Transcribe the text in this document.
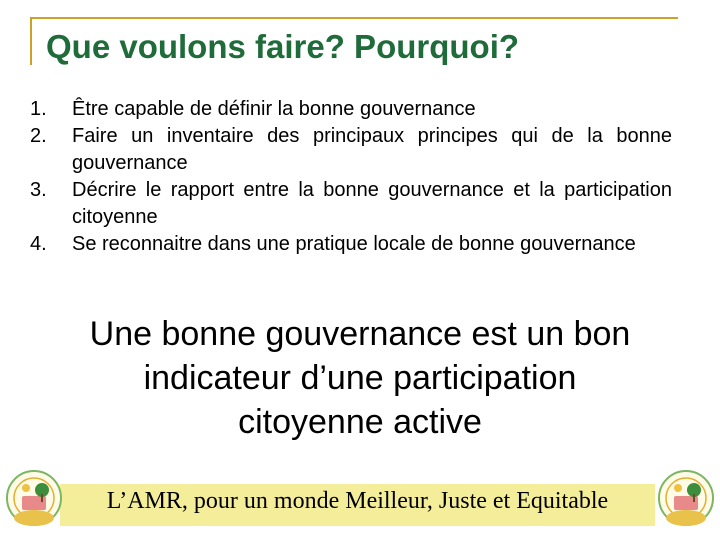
Que voulons faire? Pourquoi?
1. Être capable de définir la bonne gouvernance
2. Faire un inventaire des principaux principes qui de la bonne gouvernance
3. Décrire le rapport entre la bonne gouvernance et la participation citoyenne
4. Se reconnaitre dans une pratique locale de bonne gouvernance
Une bonne gouvernance est un bon
indicateur d’une participation
citoyenne active
L’AMR, pour un monde Meilleur, Juste et Equitable
